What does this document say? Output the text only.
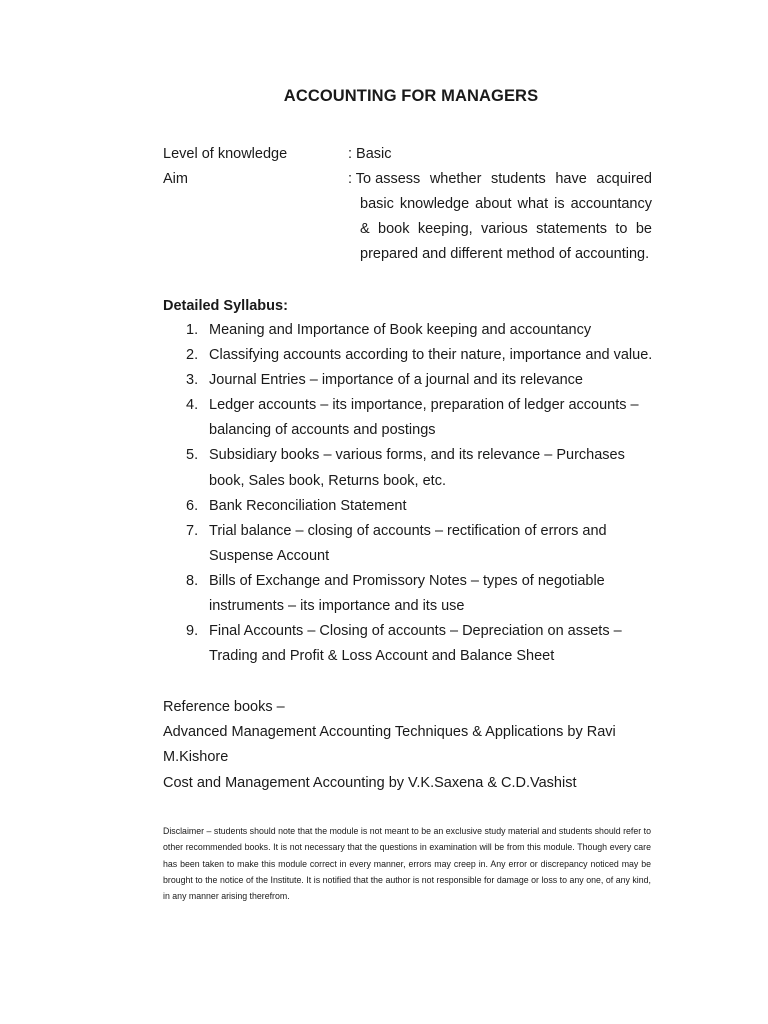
ACCOUNTING FOR MANAGERS
Level of knowledge	: Basic
Aim	: To assess whether students have acquired
basic knowledge about what is accountancy & book keeping, various statements to be prepared and different method of accounting.
Detailed Syllabus:
1. Meaning and Importance of Book keeping and accountancy
2. Classifying accounts according to their nature, importance and value.
3. Journal Entries – importance of a journal and its relevance
4. Ledger accounts – its importance, preparation of ledger accounts – balancing of accounts and postings
5. Subsidiary books – various forms, and its relevance – Purchases book, Sales book, Returns book, etc.
6. Bank Reconciliation Statement
7. Trial balance – closing of accounts – rectification of errors and Suspense Account
8. Bills of Exchange and Promissory Notes – types of negotiable instruments – its importance and its use
9. Final Accounts – Closing of accounts – Depreciation on assets – Trading and Profit & Loss Account and Balance Sheet
Reference books –
Advanced Management Accounting Techniques & Applications by Ravi
M.Kishore
Cost and Management Accounting by V.K.Saxena & C.D.Vashist
Disclaimer – students should note that the module is not meant to be an exclusive study material and students should refer to other recommended books. It is not necessary that the questions in examination will be from this module. Though every care has been taken to make this module correct in every manner, errors may creep in. Any error or discrepancy noticed may be brought to the notice of the Institute. It is notified that the author is not responsible for damage or loss to any one, of any kind, in any manner arising therefrom.
